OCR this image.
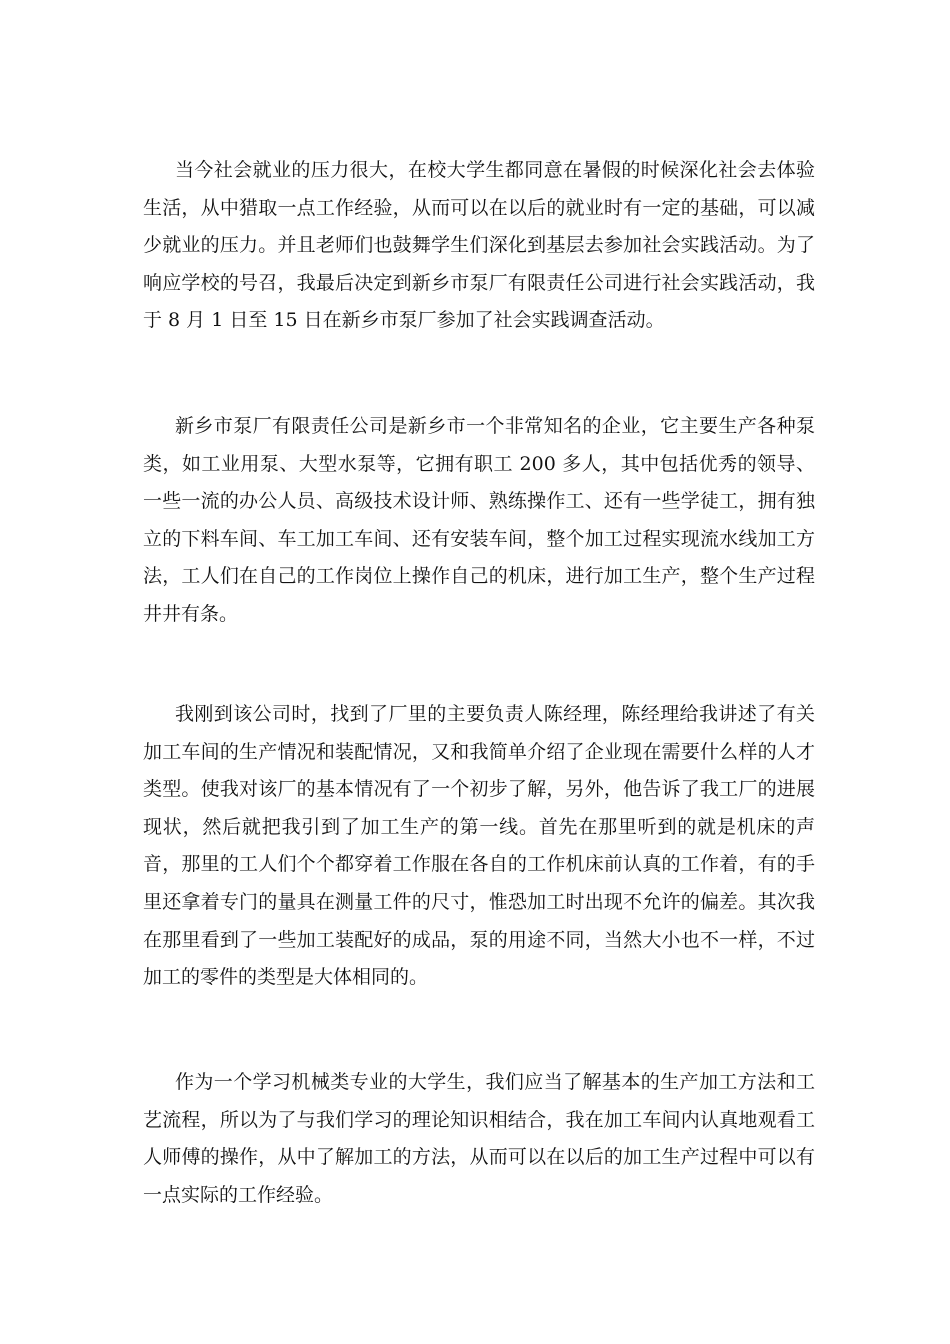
当今社会就业的压力很大，在校大学生都同意在暑假的时候深化社会去体验生活，从中猎取一点工作经验，从而可以在以后的就业时有一定的基础，可以减少就业的压力。并且老师们也鼓舞学生们深化到基层去参加社会实践活动。为了响应学校的号召，我最后决定到新乡市泵厂有限责任公司进行社会实践活动，我于 8 月 1 日至 15 日在新乡市泵厂参加了社会实践调查活动。

新乡市泵厂有限责任公司是新乡市一个非常知名的企业，它主要生产各种泵类，如工业用泵、大型水泵等，它拥有职工 200 多人，其中包括优秀的领导、一些一流的办公人员、高级技术设计师、熟练操作工、还有一些学徒工，拥有独立的下料车间、车工加工车间、还有安装车间，整个加工过程实现流水线加工方法，工人们在自己的工作岗位上操作自己的机床，进行加工生产，整个生产过程井井有条。

我刚到该公司时，找到了厂里的主要负责人陈经理，陈经理给我讲述了有关加工车间的生产情况和装配情况，又和我简单介绍了企业现在需要什么样的人才类型。使我对该厂的基本情况有了一个初步了解，另外，他告诉了我工厂的进展现状，然后就把我引到了加工生产的第一线。首先在那里听到的就是机床的声音，那里的工人们个个都穿着工作服在各自的工作机床前认真的工作着，有的手里还拿着专门的量具在测量工件的尺寸，惟恐加工时出现不允许的偏差。其次我在那里看到了一些加工装配好的成品，泵的用途不同，当然大小也不一样，不过加工的零件的类型是大体相同的。

作为一个学习机械类专业的大学生，我们应当了解基本的生产加工方法和工艺流程，所以为了与我们学习的理论知识相结合，我在加工车间内认真地观看工人师傅的操作，从中了解加工的方法，从而可以在以后的加工生产过程中可以有一点实际的工作经验。
